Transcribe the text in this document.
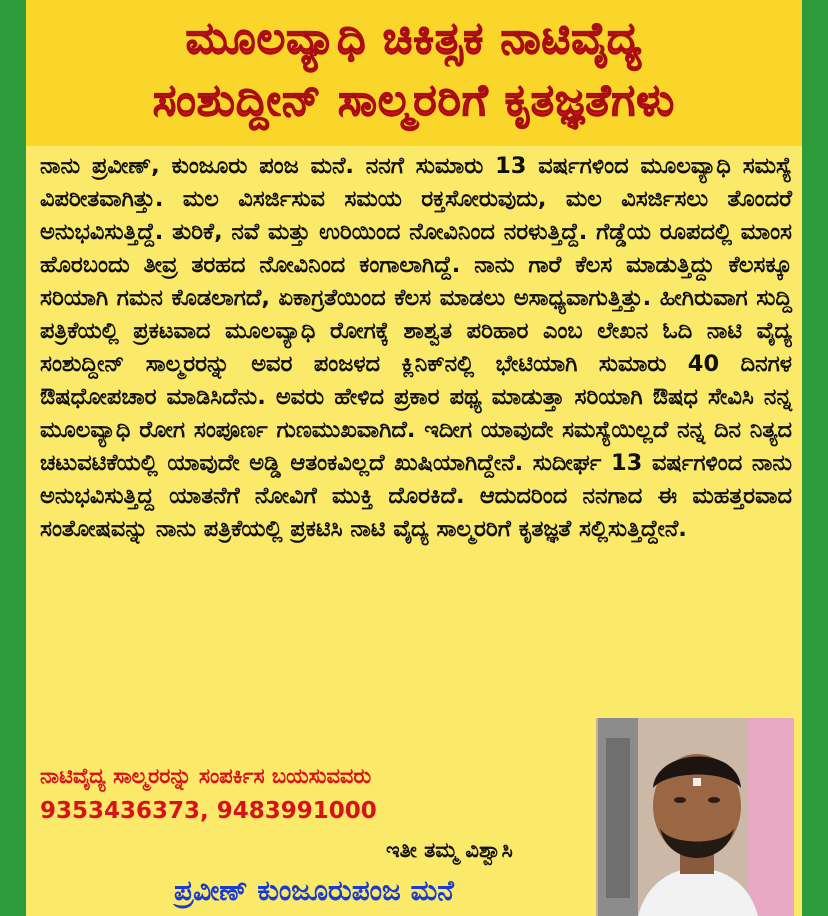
ಮೂಲವ್ಯಾಧಿ ಚಿಕಿತ್ಸಕ ನಾಟಿವೈದ್ಯ
ಸಂಶುದ್ದೀನ್ ಸಾಲ್ಮರರಿಗೆ ಕೃತಜ್ಞತೆಗಳು
ನಾನು ಪ್ರವೀಣ್, ಕುಂಜೂರು ಪಂಜ ಮನೆ. ನನಗೆ ಸುಮಾರು 13 ವರ್ಷಗಳಿಂದ ಮೂಲವ್ಯಾಧಿ ಸಮಸ್ಯೆ ವಿಪರೀತವಾಗಿತ್ತು. ಮಲ ವಿಸರ್ಜಿಸುವ ಸಮಯ ರಕ್ತಸೋರುವುದು, ಮಲ ವಿಸರ್ಜಿಸಲು ತೊಂದರೆ ಅನುಭವಿಸುತ್ತಿದ್ದೆ. ತುರಿಕೆ, ನವೆ ಮತ್ತು ಉರಿಯಿಂದ ನೋವಿನಿಂದ ನರಳುತ್ತಿದ್ದೆ. ಗೆಡ್ಡೆಯ ರೂಪದಲ್ಲಿ ಮಾಂಸ ಹೊರಬಂದು ತೀವ್ರ ತರಹದ ನೋವಿನಿಂದ ಕಂಗಾಲಾಗಿದ್ದೆ. ನಾನು ಗಾರೆ ಕೆಲಸ ಮಾಡುತ್ತಿದ್ದು ಕೆಲಸಕ್ಕೂ ಸರಿಯಾಗಿ ಗಮನ ಕೊಡಲಾಗದೆ, ಏಕಾಗ್ರತೆಯಿಂದ ಕೆಲಸ ಮಾಡಲು ಅಸಾಧ್ಯವಾಗುತ್ತಿತ್ತು. ಹೀಗಿರುವಾಗ ಸುದ್ದಿ ಪತ್ರಿಕೆಯಲ್ಲಿ ಪ್ರಕಟವಾದ ಮೂಲವ್ಯಾಧಿ ರೋಗಕ್ಕೆ ಶಾಶ್ವತ ಪರಿಹಾರ ಎಂಬ ಲೇಖನ ಓದಿ ನಾಟಿ ವೈದ್ಯ ಸಂಶುದ್ದೀನ್ ಸಾಲ್ಮರರನ್ನು ಅವರ ಪಂಜಳದ ಕ್ಲಿನಿಕ್‌ನಲ್ಲಿ ಭೇಟಿಯಾಗಿ ಸುಮಾರು 40 ದಿನಗಳ ಔಷಧೋಪಚಾರ ಮಾಡಿಸಿದೆನು. ಅವರು ಹೇಳಿದ ಪ್ರಕಾರ ಪಥ್ಯ ಮಾಡುತ್ತಾ ಸರಿಯಾಗಿ ಔಷಧ ಸೇವಿಸಿ ನನ್ನ ಮೂಲವ್ಯಾಧಿ ರೋಗ ಸಂಪೂರ್ಣ ಗುಣಮುಖವಾಗಿದೆ. ಇದೀಗ ಯಾವುದೇ ಸಮಸ್ಯೆಯಿಲ್ಲದೆ ನನ್ನ ದಿನ ನಿತ್ಯದ ಚಟುವಟಿಕೆಯಲ್ಲಿ ಯಾವುದೇ ಅಡ್ಡಿ ಆತಂಕವಿಲ್ಲದೆ ಖುಷಿಯಾಗಿದ್ದೇನೆ. ಸುದೀರ್ಘ 13 ವರ್ಷಗಳಿಂದ ನಾನು ಅನುಭವಿಸುತ್ತಿದ್ದ ಯಾತನೆಗೆ ನೋವಿಗೆ ಮುಕ್ತಿ ದೊರಕಿದೆ. ಆದುದರಿಂದ ನನಗಾದ ಈ ಮಹತ್ತರವಾದ ಸಂತೋಷವನ್ನು ನಾನು ಪತ್ರಿಕೆಯಲ್ಲಿ ಪ್ರಕಟಿಸಿ ನಾಟಿ ವೈದ್ಯ ಸಾಲ್ಮರರಿಗೆ ಕೃತಜ್ಞತೆ ಸಲ್ಲಿಸುತ್ತಿದ್ದೇನೆ.
ನಾಟಿವೈದ್ಯ ಸಾಲ್ಮರರನ್ನು ಸಂಪರ್ಕಿಸ ಬಯಸುವವರು
9353436373, 9483991000
ಇತೀ ತಮ್ಮ ವಿಶ್ವಾಸಿ
ಪ್ರವೀಣ್ ಕುಂಜೂರುಪಂಜ ಮನೆ
